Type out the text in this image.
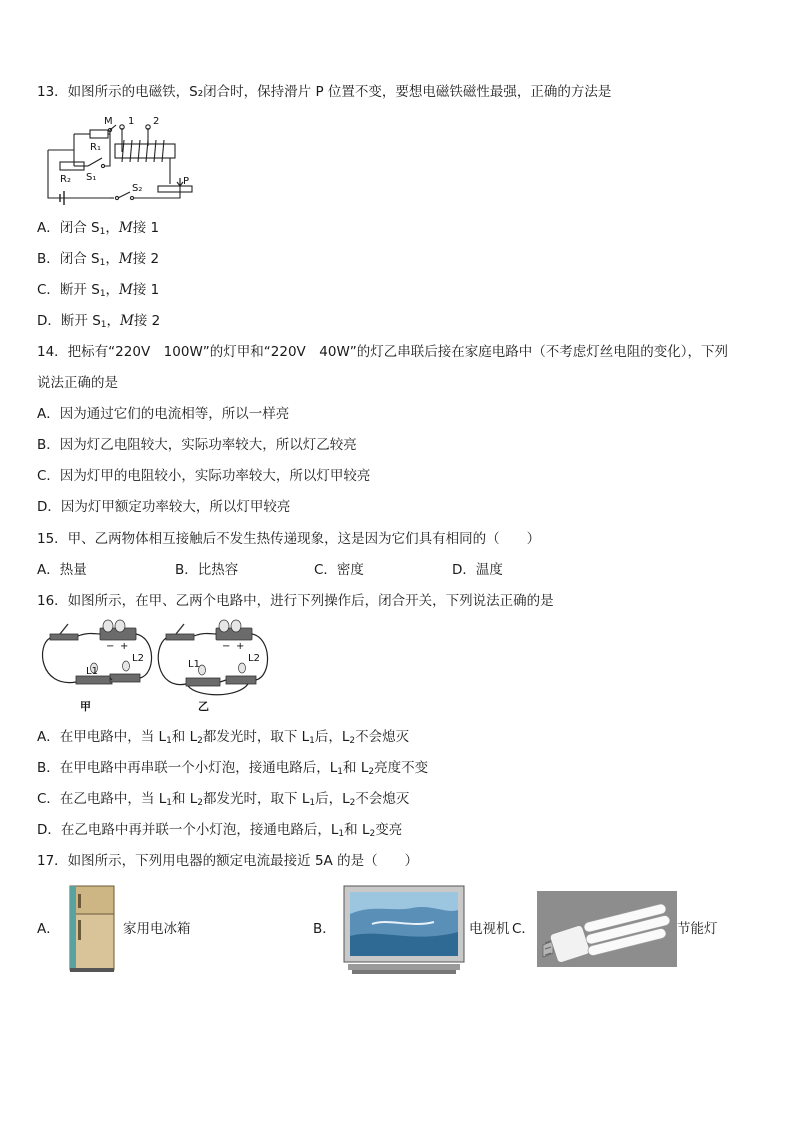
13．如图所示的电磁铁，S₂闭合时，保持滑片 P 位置不变，要想电磁铁磁性最强，正确的方法是
M 1 2
R₁
R₂ S₁
S₂
P
A．闭合 $S_1$，M接 1
B．闭合 $S_1$，M接 2
C．断开 $S_1$，M接 1
D．断开 $S_1$，M接 2
14．把标有“220V　100W”的灯甲和“220V　40W”的灯乙串联后接在家庭电路中（不考虑灯丝电阻的变化），下列
说法正确的是
A．因为通过它们的电流相等，所以一样亮
B．因为灯乙电阻较大，实际功率较大，所以灯乙较亮
C．因为灯甲的电阻较小，实际功率较大，所以灯甲较亮
D．因为灯甲额定功率较大，所以灯甲较亮
15．甲、乙两物体相互接触后不发生热传递现象，这是因为它们具有相同的（　　）
A．热量	B．比热容	C．密度	D．温度
16．如图所示，在甲、乙两个电路中，进行下列操作后，闭合开关，下列说法正确的是
− +
L1
L2
甲
− +
L1
L2
乙
A．在甲电路中，当 $L_1$和 $L_2$都发光时，取下 $L_1$后，$L_2$不会熄灭
B．在甲电路中再串联一个小灯泡，接通电路后，$L_1$和 $L_2$亮度不变
C．在乙电路中，当 $L_1$和 $L_2$都发光时，取下 $L_1$后，$L_2$不会熄灭
D．在乙电路中再并联一个小灯泡，接通电路后，$L_1$和 $L_2$变亮
17．如图所示，下列用电器的额定电流最接近 5A 的是（　　）
A．	家用电冰箱	B．	电视机 C．	节能灯
